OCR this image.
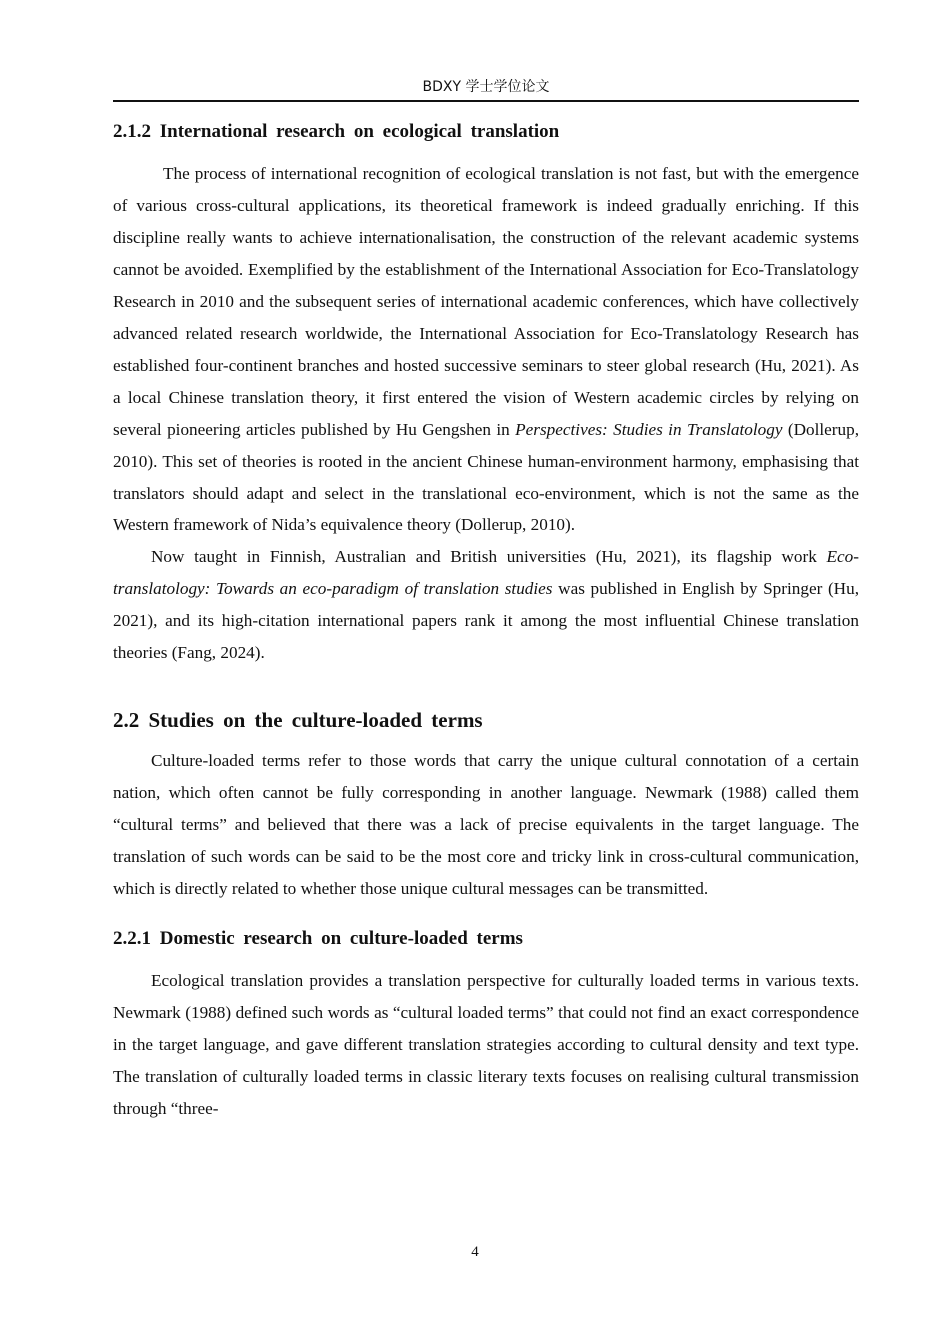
BDXY 学士学位论文
2.1.2 International research on ecological translation

The process of international recognition of ecological translation is not fast, but with the emergence of various cross-cultural applications, its theoretical framework is indeed gradually enriching. If this discipline really wants to achieve internationalisation, the construction of the relevant academic systems cannot be avoided. Exemplified by the establishment of the International Association for Eco-Translatology Research in 2010 and the subsequent series of international academic conferences, which have collectively advanced related research worldwide, the International Association for Eco-Translatology Research has established four-continent branches and hosted successive seminars to steer global research (Hu, 2021). As a local Chinese translation theory, it first entered the vision of Western academic circles by relying on several pioneering articles published by Hu Gengshen in Perspectives: Studies in Translatology (Dollerup, 2010). This set of theories is rooted in the ancient Chinese human-environment harmony, emphasising that translators should adapt and select in the translational eco-environment, which is not the same as the Western framework of Nida’s equivalence theory (Dollerup, 2010).

Now taught in Finnish, Australian and British universities (Hu, 2021), its flagship work Eco-translatology: Towards an eco-paradigm of translation studies was published in English by Springer (Hu, 2021), and its high-citation international papers rank it among the most influential Chinese translation theories (Fang, 2024).

2.2 Studies on the culture-loaded terms

Culture-loaded terms refer to those words that carry the unique cultural connotation of a certain nation, which often cannot be fully corresponding in another language. Newmark (1988) called them “cultural terms” and believed that there was a lack of precise equivalents in the target language. The translation of such words can be said to be the most core and tricky link in cross-cultural communication, which is directly related to whether those unique cultural messages can be transmitted.

2.2.1 Domestic research on culture-loaded terms

Ecological translation provides a translation perspective for culturally loaded terms in various texts. Newmark (1988) defined such words as “cultural loaded terms” that could not find an exact correspondence in the target language, and gave different translation strategies according to cultural density and text type. The translation of culturally loaded terms in classic literary texts focuses on realising cultural transmission through “three-

4
